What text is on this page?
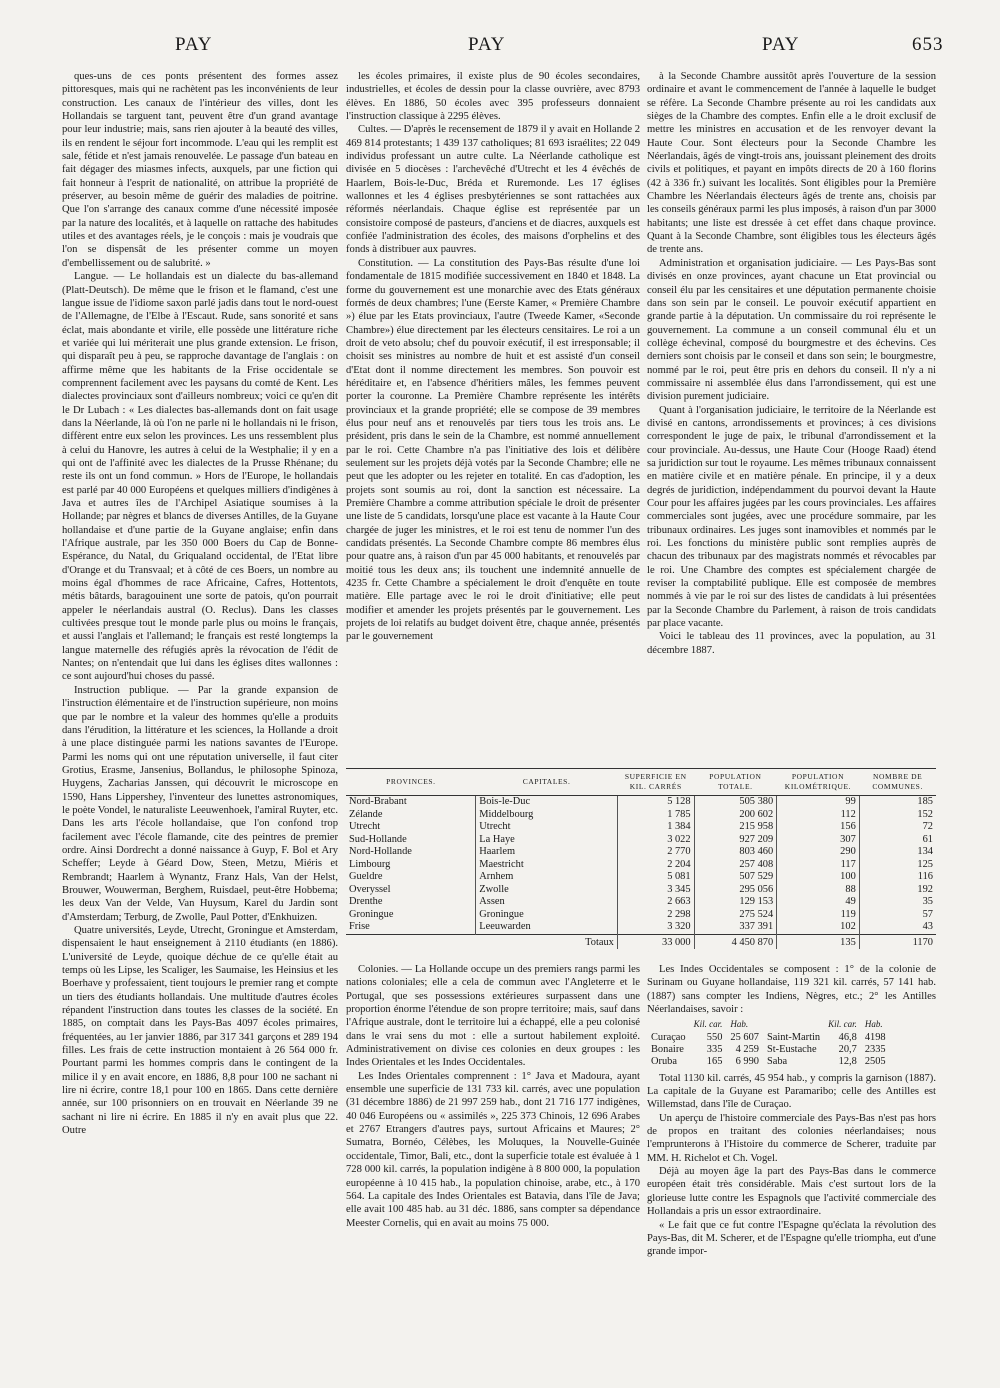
PAY	PAY	PAY	653

ques-uns de ces ponts présentent des formes assez pittoresques, mais qui ne rachètent pas les inconvénients de leur construction. Les canaux de l'intérieur des villes, dont les Hollandais se targuent tant, peuvent être d'un grand avantage pour leur industrie; mais, sans rien ajouter à la beauté des villes, ils en rendent le séjour fort incommode. L'eau qui les remplit est sale, fétide et n'est jamais renouvelée. Le passage d'un bateau en fait dégager des miasmes infects, auxquels, par une fiction qui fait honneur à l'esprit de nationalité, on attribue la propriété de préserver, au besoin même de guérir des maladies de poitrine. Que l'on s'arrange des canaux comme d'une nécessité imposée par la nature des localités, et à laquelle on rattache des habitudes utiles et des avantages réels, je le conçois : mais je voudrais que l'on se dispensât de les présenter comme un moyen d'embellissement ou de salubrité. »

Langue. — Le hollandais est un dialecte du bas-allemand (Platt-Deutsch). De même que le frison et le flamand, c'est une langue issue de l'idiome saxon parlé jadis dans tout le nord-ouest de l'Allemagne, de l'Elbe à l'Escaut. Rude, sans sonorité et sans éclat, mais abondante et virile, elle possède une littérature riche et variée qui lui mériterait une plus grande extension. Le frison, qui disparaît peu à peu, se rapproche davantage de l'anglais : on affirme même que les habitants de la Frise occidentale se comprennent facilement avec les paysans du comté de Kent. Les dialectes provinciaux sont d'ailleurs nombreux; voici ce qu'en dit le Dr Lubach : « Les dialectes bas-allemands dont on fait usage dans la Néerlande, là où l'on ne parle ni le hollandais ni le frison, diffèrent entre eux selon les provinces. Les uns ressemblent plus à celui du Hanovre, les autres à celui de la Westphalie; il y en a qui ont de l'affinité avec les dialectes de la Prusse Rhénane; du reste ils ont un fond commun. » Hors de l'Europe, le hollandais est parlé par 40 000 Européens et quelques milliers d'indigènes à Java et autres îles de l'Archipel Asiatique soumises à la Hollande; par nègres et blancs de diverses Antilles, de la Guyane hollandaise et d'une partie de la Guyane anglaise; enfin dans l'Afrique australe, par les 350 000 Boers du Cap de Bonne-Espérance, du Natal, du Griqualand occidental, de l'Etat libre d'Orange et du Transvaal; et à côté de ces Boers, un nombre au moins égal d'hommes de race Africaine, Cafres, Hottentots, métis bâtards, baragouinent une sorte de patois, qu'on pourrait appeler le néerlandais austral (O. Reclus). Dans les classes cultivées presque tout le monde parle plus ou moins le français, et aussi l'anglais et l'allemand; le français est resté longtemps la langue maternelle des réfugiés après la révocation de l'édit de Nantes; on n'entendait que lui dans les églises dites wallonnes : ce sont aujourd'hui choses du passé.

Instruction publique. — Par la grande expansion de l'instruction élémentaire et de l'instruction supérieure, non moins que par le nombre et la valeur des hommes qu'elle a produits dans l'érudition, la littérature et les sciences, la Hollande a droit à une place distinguée parmi les nations savantes de l'Europe. Parmi les noms qui ont une réputation universelle, il faut citer Grotius, Erasme, Jansenius, Bollandus, le philosophe Spinoza, Huygens, Zacharias Janssen, qui découvrit le microscope en 1590, Hans Lippershey, l'inventeur des lunettes astronomiques, le poète Vondel, le naturaliste Leeuwenhoek, l'amiral Ruyter, etc. Dans les arts l'école hollandaise, que l'on confond trop facilement avec l'école flamande, cite des peintres de premier ordre. Ainsi Dordrecht a donné naissance à Guyp, F. Bol et Ary Scheffer; Leyde à Géard Dow, Steen, Metzu, Miéris et Rembrandt; Haarlem à Wynantz, Franz Hals, Van der Helst, Brouwer, Wouwerman, Berghem, Ruisdael, peut-être Hobbema; les deux Van der Velde, Van Huysum, Karel du Jardin sont d'Amsterdam; Terburg, de Zwolle, Paul Potter, d'Enkhuizen.

Quatre universités, Leyde, Utrecht, Groningue et Amsterdam, dispensaient le haut enseignement à 2110 étudiants (en 1886). L'université de Leyde, quoique déchue de ce qu'elle était au temps où les Lipse, les Scaliger, les Saumaise, les Heinsius et les Boerhave y professaient, tient toujours le premier rang et compte un tiers des étudiants hollandais. Une multitude d'autres écoles répandent l'instruction dans toutes les classes de la société. En 1885, on comptait dans les Pays-Bas 4097 écoles primaires, fréquentées, au 1er janvier 1886, par 317 341 garçons et 289 194 filles. Les frais de cette instruction montaient à 26 564 000 fr. Pourtant parmi les hommes compris dans le contingent de la milice il y en avait encore, en 1886, 8,8 pour 100 ne sachant ni lire ni écrire, contre 18,1 pour 100 en 1865. Dans cette dernière année, sur 100 prisonniers on en trouvait en Néerlande 39 ne sachant ni lire ni écrire. En 1885 il n'y en avait plus que 22. Outre

les écoles primaires, il existe plus de 90 écoles secondaires, industrielles, et écoles de dessin pour la classe ouvrière, avec 8793 élèves. En 1886, 50 écoles avec 395 professeurs donnaient l'instruction classique à 2295 élèves.

Cultes. — D'après le recensement de 1879 il y avait en Hollande 2 469 814 protestants; 1 439 137 catholiques; 81 693 israélites; 22 049 individus professant un autre culte. La Néerlande catholique est divisée en 5 diocèses : l'archevêché d'Utrecht et les 4 évêchés de Haarlem, Bois-le-Duc, Bréda et Ruremonde. Les 17 églises wallonnes et les 4 églises presbytériennes se sont rattachées aux réformés néerlandais. Chaque église est représentée par un consistoire composé de pasteurs, d'anciens et de diacres, auxquels est confiée l'administration des écoles, des maisons d'orphelins et des fonds à distribuer aux pauvres.

Constitution. — La constitution des Pays-Bas résulte d'une loi fondamentale de 1815 modifiée successivement en 1840 et 1848. La forme du gouvernement est une monarchie avec des Etats généraux formés de deux chambres; l'une (Eerste Kamer, « Première Chambre ») élue par les Etats provinciaux, l'autre (Tweede Kamer, «Seconde Chambre») élue directement par les électeurs censitaires. Le roi a un droit de veto absolu; chef du pouvoir exécutif, il est irresponsable; il choisit ses ministres au nombre de huit et est assisté d'un conseil d'Etat dont il nomme directement les membres. Son pouvoir est héréditaire et, en l'absence d'héritiers mâles, les femmes peuvent porter la couronne. La Première Chambre représente les intérêts provinciaux et la grande propriété; elle se compose de 39 membres élus pour neuf ans et renouvelés par tiers tous les trois ans. Le président, pris dans le sein de la Chambre, est nommé annuellement par le roi. Cette Chambre n'a pas l'initiative des lois et délibère seulement sur les projets déjà votés par la Seconde Chambre; elle ne peut que les adopter ou les rejeter en totalité. En cas d'adoption, les projets sont soumis au roi, dont la sanction est nécessaire. La Première Chambre a comme attribution spéciale le droit de présenter une liste de 5 candidats, lorsqu'une place est vacante à la Haute Cour chargée de juger les ministres, et le roi est tenu de nommer l'un des candidats présentés. La Seconde Chambre compte 86 membres élus pour quatre ans, à raison d'un par 45 000 habitants, et renouvelés par moitié tous les deux ans; ils touchent une indemnité annuelle de 4235 fr. Cette Chambre a spécialement le droit d'enquête en toute matière. Elle partage avec le roi le droit d'initiative; elle peut modifier et amender les projets présentés par le gouvernement. Les projets de loi relatifs au budget doivent être, chaque année, présentés par le gouvernement

à la Seconde Chambre aussitôt après l'ouverture de la session ordinaire et avant le commencement de l'année à laquelle le budget se réfère. La Seconde Chambre présente au roi les candidats aux sièges de la Chambre des comptes. Enfin elle a le droit exclusif de mettre les ministres en accusation et de les renvoyer devant la Haute Cour. Sont électeurs pour la Seconde Chambre les Néerlandais, âgés de vingt-trois ans, jouissant pleinement des droits civils et politiques, et payant en impôts directs de 20 à 160 florins (42 à 336 fr.) suivant les localités. Sont éligibles pour la Première Chambre les Néerlandais électeurs âgés de trente ans, choisis par les conseils généraux parmi les plus imposés, à raison d'un par 3000 habitants; une liste est dressée à cet effet dans chaque province. Quant à la Seconde Chambre, sont éligibles tous les électeurs âgés de trente ans.

Administration et organisation judiciaire. — Les Pays-Bas sont divisés en onze provinces, ayant chacune un Etat provincial ou conseil élu par les censitaires et une députation permanente choisie dans son sein par le conseil. Le pouvoir exécutif appartient en grande partie à la députation. Un commissaire du roi représente le gouvernement. La commune a un conseil communal élu et un collège échevinal, composé du bourgmestre et des échevins. Ces derniers sont choisis par le conseil et dans son sein; le bourgmestre, nommé par le roi, peut être pris en dehors du conseil. Il n'y a ni commissaire ni assemblée élus dans l'arrondissement, qui est une division purement judiciaire.

Quant à l'organisation judiciaire, le territoire de la Néerlande est divisé en cantons, arrondissements et provinces; à ces divisions correspondent le juge de paix, le tribunal d'arrondissement et la cour provinciale. Au-dessus, une Haute Cour (Hooge Raad) étend sa juridiction sur tout le royaume. Les mêmes tribunaux connaissent en matière civile et en matière pénale. En principe, il y a deux degrés de juridiction, indépendamment du pourvoi devant la Haute Cour pour les affaires jugées par les cours provinciales. Les affaires commerciales sont jugées, avec une procédure sommaire, par les tribunaux ordinaires. Les juges sont inamovibles et nommés par le roi. Les fonctions du ministère public sont remplies auprès de chacun des tribunaux par des magistrats nommés et révocables par le roi. Une Chambre des comptes est spécialement chargée de reviser la comptabilité publique. Elle est composée de membres nommés à vie par le roi sur des listes de candidats à lui présentées par la Seconde Chambre du Parlement, à raison de trois candidats par place vacante.

Voici le tableau des 11 provinces, avec la population, au 31 décembre 1887.

PROVINCES.	CAPITALES.	SUPERFICIE EN KIL. CARRÉS	POPULATION TOTALE.	POPULATION KILOMÉTRIQUE.	NOMBRE DE COMMUNES.
Nord-Brabant	Bois-le-Duc	5 128	505 380	99	185
Zélande	Middelbourg	1 785	200 602	112	152
Utrecht	Utrecht	1 384	215 958	156	72
Sud-Hollande	La Haye	3 022	927 209	307	61
Nord-Hollande	Haarlem	2 770	803 460	290	134
Limbourg	Maestricht	2 204	257 408	117	125
Gueldre	Arnhem	5 081	507 529	100	116
Overyssel	Zwolle	3 345	295 056	88	192
Drenthe	Assen	2 663	129 153	49	35
Groningue	Groningue	2 298	275 524	119	57
Frise	Leeuwarden	3 320	337 391	102	43
	Totaux	33 000	4 450 870	135	1170

Colonies. — La Hollande occupe un des premiers rangs parmi les nations coloniales; elle a cela de commun avec l'Angleterre et le Portugal, que ses possessions extérieures surpassent dans une proportion énorme l'étendue de son propre territoire; mais, sauf dans l'Afrique australe, dont le territoire lui a échappé, elle a peu colonisé dans le vrai sens du mot : elle a surtout habilement exploité. Administrativement on divise ces colonies en deux groupes : les Indes Orientales et les Indes Occidentales.

Les Indes Orientales comprennent : 1° Java et Madoura, ayant ensemble une superficie de 131 733 kil. carrés, avec une population (31 décembre 1886) de 21 997 259 hab., dont 21 716 177 indigènes, 40 046 Européens ou « assimilés », 225 373 Chinois, 12 696 Arabes et 2767 Etrangers d'autres pays, surtout Africains et Maures; 2° Sumatra, Bornéo, Célèbes, les Moluques, la Nouvelle-Guinée occidentale, Timor, Bali, etc., dont la superficie totale est évaluée à 1 728 000 kil. carrés, la population indigène à 8 800 000, la population européenne à 10 415 hab., la population chinoise, arabe, etc., à 170 564. La capitale des Indes Orientales est Batavia, dans l'île de Java; elle avait 100 485 hab. au 31 déc. 1886, sans compter sa dépendance Meester Cornelis, qui en avait au moins 75 000.

Les Indes Occidentales se composent : 1° de la colonie de Surinam ou Guyane hollandaise, 119 321 kil. carrés, 57 141 hab. (1887) sans compter les Indiens, Nègres, etc.; 2° les Antilles Néerlandaises, savoir :

	Kil. car.	Hab.		Kil. car.	Hab.
Curaçao	550	25 607	Saint-Martin	46,8	4198
Bonaire	335	4 259	St-Eustache	20,7	2335
Oruba	165	6 990	Saba	12,8	2505

Total 1130 kil. carrés, 45 954 hab., y compris la garnison (1887). La capitale de la Guyane est Paramaribo; celle des Antilles est Willemstad, dans l'île de Curaçao.

Un aperçu de l'histoire commerciale des Pays-Bas n'est pas hors de propos en traitant des colonies néerlandaises; nous l'emprunterons à l'Histoire du commerce de Scherer, traduite par MM. H. Richelot et Ch. Vogel.

Déjà au moyen âge la part des Pays-Bas dans le commerce européen était très considérable. Mais c'est surtout lors de la glorieuse lutte contre les Espagnols que l'activité commerciale des Hollandais a pris un essor extraordinaire.

« Le fait que ce fut contre l'Espagne qu'éclata la révolution des Pays-Bas, dit M. Scherer, et de l'Espagne qu'elle triompha, eut d'une grande impor-
